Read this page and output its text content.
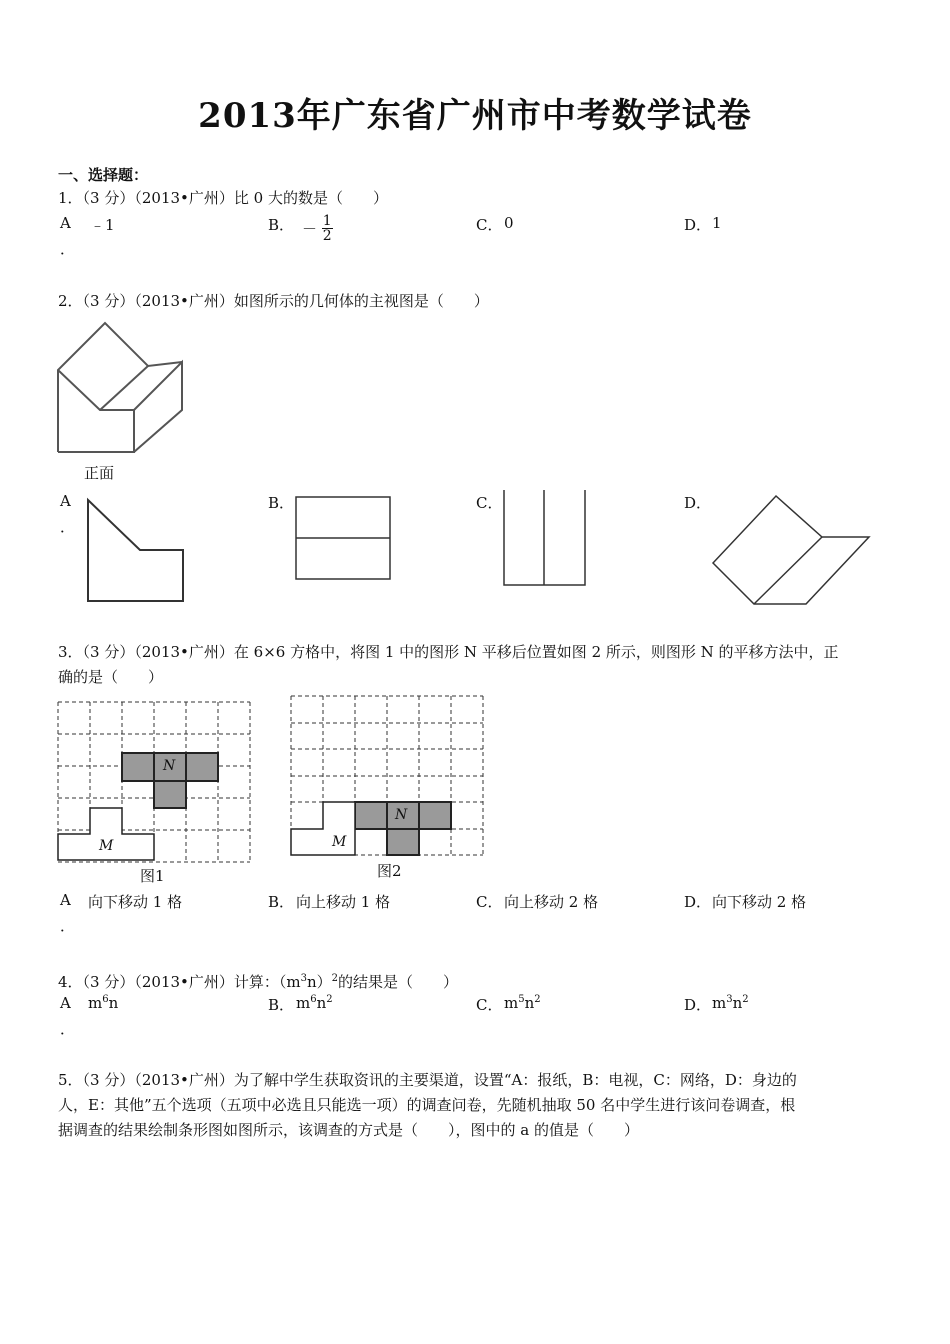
2013年广东省广州市中考数学试卷
一、选择题：
1．（3 分）（2013•广州）比 0 大的数是（　　）
A
．
﹣1	B． － $\frac{1}{2}$	C． 0	D． 1
2．（3 分）（2013•广州）如图所示的几何体的主视图是（　　）
正面
A
．
B．	C．	D．
3．（3 分）（2013•广州）在 6×6 方格中，将图 1 中的图形 N 平移后位置如图 2 所示，则图形 N 的平移方法中，正
确的是（　　）
N
M
图1
N
M
图2
A
．
向下移动 1 格	B． 向上移动 1 格	C． 向上移动 2 格	D． 向下移动 2 格
4．（3 分）（2013•广州）计算：$(m^3n)^2$的结果是（　　）
A
．
$m^6n$	B． $m^6n^2$	C． $m^5n^2$	D． $m^3n^2$
5．（3 分）（2013•广州）为了解中学生获取资讯的主要渠道，设置“A：报纸，B：电视，C：网络，D：身边的
人，E：其他”五个选项（五项中必选且只能选一项）的调查问卷，先随机抽取 50 名中学生进行该问卷调查，根
据调查的结果绘制条形图如图所示，该调查的方式是（　　），图中的 a 的值是（　　）
